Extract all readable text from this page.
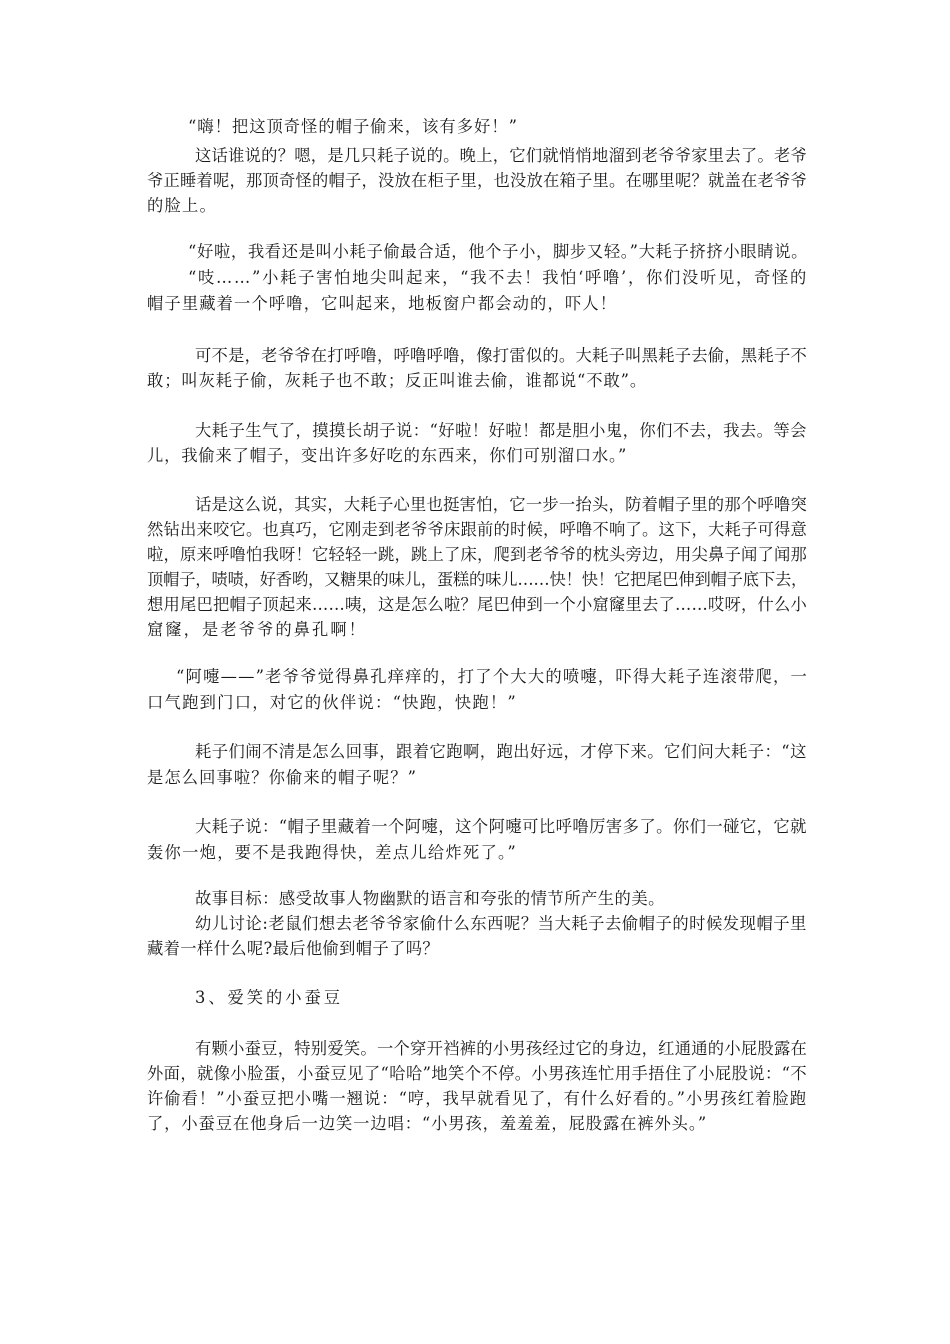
“嗨！把这顶奇怪的帽子偷来，该有多好！”
这话谁说的？嗯，是几只耗子说的。晚上，它们就悄悄地溜到老爷爷家里去了。老爷
爷正睡着呢，那顶奇怪的帽子，没放在柜子里，也没放在箱子里。在哪里呢？就盖在老爷爷
的脸上。
“好啦，我看还是叫小耗子偷最合适，他个子小，脚步又轻。”大耗子挤挤小眼睛说。
“吱……”小耗子害怕地尖叫起来，“我不去！我怕‘呼噜’，你们没听见，奇怪的
帽子里藏着一个呼噜，它叫起来，地板窗户都会动的，吓人！
可不是，老爷爷在打呼噜，呼噜呼噜，像打雷似的。大耗子叫黑耗子去偷，黑耗子不
敢；叫灰耗子偷，灰耗子也不敢；反正叫谁去偷，谁都说“不敢”。
大耗子生气了，摸摸长胡子说：“好啦！好啦！都是胆小鬼，你们不去，我去。等会
儿，我偷来了帽子，变出许多好吃的东西来，你们可别溜口水。”
话是这么说，其实，大耗子心里也挺害怕，它一步一抬头，防着帽子里的那个呼噜突
然钻出来咬它。也真巧，它刚走到老爷爷床跟前的时候，呼噜不响了。这下，大耗子可得意
啦，原来呼噜怕我呀！它轻轻一跳，跳上了床，爬到老爷爷的枕头旁边，用尖鼻子闻了闻那
顶帽子，啧啧，好香哟，又糖果的味儿，蛋糕的味儿……快！快！它把尾巴伸到帽子底下去，
想用尾巴把帽子顶起来……咦，这是怎么啦？尾巴伸到一个小窟窿里去了……哎呀，什么小
窟窿，是老爷爷的鼻孔啊！
“阿嚏——”老爷爷觉得鼻孔痒痒的，打了个大大的喷嚏，吓得大耗子连滚带爬，一
口气跑到门口，对它的伙伴说：“快跑，快跑！”
耗子们闹不清是怎么回事，跟着它跑啊，跑出好远，才停下来。它们问大耗子：“这
是怎么回事啦？你偷来的帽子呢？”
大耗子说：“帽子里藏着一个阿嚏，这个阿嚏可比呼噜厉害多了。你们一碰它，它就
轰你一炮，要不是我跑得快，差点儿给炸死了。”
故事目标：感受故事人物幽默的语言和夸张的情节所产生的美。
幼儿讨论:老鼠们想去老爷爷家偷什么东西呢？当大耗子去偷帽子的时候发现帽子里
藏着一样什么呢?最后他偷到帽子了吗？
3、爱笑的小蚕豆
有颗小蚕豆，特别爱笑。一个穿开裆裤的小男孩经过它的身边，红通通的小屁股露在
外面，就像小脸蛋，小蚕豆见了“哈哈”地笑个不停。小男孩连忙用手捂住了小屁股说：“不
许偷看！”小蚕豆把小嘴一翘说：“哼，我早就看见了，有什么好看的。”小男孩红着脸跑
了，小蚕豆在他身后一边笑一边唱：“小男孩，羞羞羞，屁股露在裤外头。”
